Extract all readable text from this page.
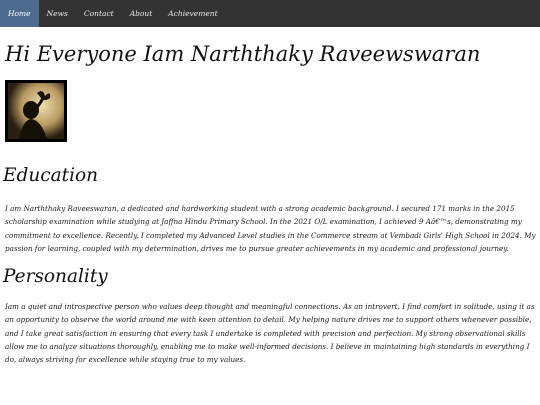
Home	News	Contact	About	Achievement
Hi Everyone Iam Narththaky Raveewswaran
Education

I am Narththaky Raveeswaran, a dedicated and hardworking student with a strong academic background. I secured 171 marks in the 2015 scholarship examination while studying at Jaffna Hindu Primary School. In the 2021 O/L examination, I achieved 9 Aâ€™s, demonstrating my commitment to excellence. Recently, I completed my Advanced Level studies in the Commerce stream at Vembadi Girls' High School in 2024. My passion for learning, coupled with my determination, drives me to pursue greater achievements in my academic and professional journey.

Personality

Iam a quiet and introspective person who values deep thought and meaningful connections. As an introvert, I find comfort in solitude, using it as an opportunity to observe the world around me with keen attention to detail. My helping nature drives me to support others whenever possible, and I take great satisfaction in ensuring that every task I undertake is completed with precision and perfection. My strong observational skills allow me to analyze situations thoroughly, enabling me to make well-informed decisions. I believe in maintaining high standards in everything I do, always striving for excellence while staying true to my values.
